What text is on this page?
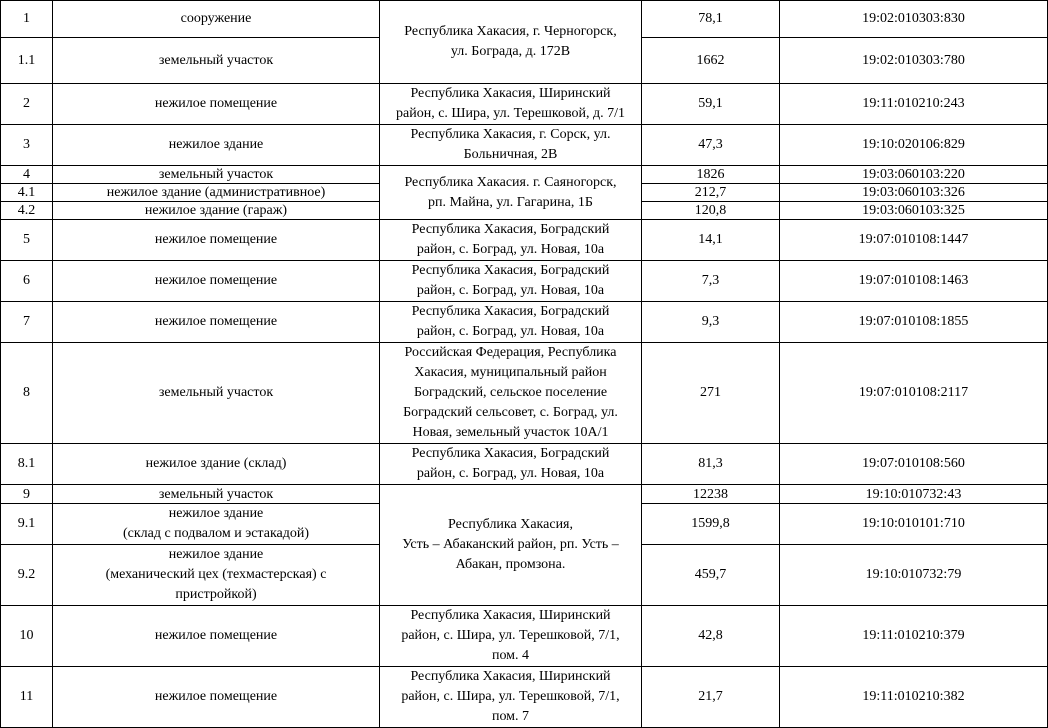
1	сооружение	Республика Хакасия, г. Черногорск,
ул. Бограда, д. 172В	78,1	19:02:010303:830
1.1	земельный участок		1662	19:02:010303:780
2	нежилое помещение	Республика Хакасия, Ширинский
район, с. Шира, ул. Терешковой, д. 7/1	59,1	19:11:010210:243
3	нежилое здание	Республика Хакасия, г. Сорск, ул.
Больничная, 2В	47,3	19:10:020106:829
4	земельный участок	Республика Хакасия. г. Саяногорск,
рп. Майна, ул. Гагарина, 1Б	1826	19:03:060103:220
4.1	нежилое здание (административное)		212,7	19:03:060103:326
4.2	нежилое здание (гараж)		120,8	19:03:060103:325
5	нежилое помещение	Республика Хакасия, Боградский
район, с. Боград, ул. Новая, 10а	14,1	19:07:010108:1447
6	нежилое помещение	Республика Хакасия, Боградский
район, с. Боград, ул. Новая, 10а	7,3	19:07:010108:1463
7	нежилое помещение	Республика Хакасия, Боградский
район, с. Боград, ул. Новая, 10а	9,3	19:07:010108:1855
8	земельный участок	Российская Федерация, Республика
Хакасия, муниципальный район
Боградский, сельское поселение
Боградский сельсовет, с. Боград, ул.
Новая, земельный участок 10А/1	271	19:07:010108:2117
8.1	нежилое здание (склад)	Республика Хакасия, Боградский
район, с. Боград, ул. Новая, 10а	81,3	19:07:010108:560
9	земельный участок	Республика Хакасия,
Усть – Абаканский район, рп. Усть –
Абакан, промзона.	12238	19:10:010732:43
9.1	нежилое здание
(склад с подвалом и эстакадой)		1599,8	19:10:010101:710
9.2	нежилое здание
(механический цех (техмастерская) с
пристройкой)		459,7	19:10:010732:79
10	нежилое помещение	Республика Хакасия, Ширинский
район, с. Шира, ул. Терешковой, 7/1,
пом. 4	42,8	19:11:010210:379
11	нежилое помещение	Республика Хакасия, Ширинский
район, с. Шира, ул. Терешковой, 7/1,
пом. 7	21,7	19:11:010210:382
